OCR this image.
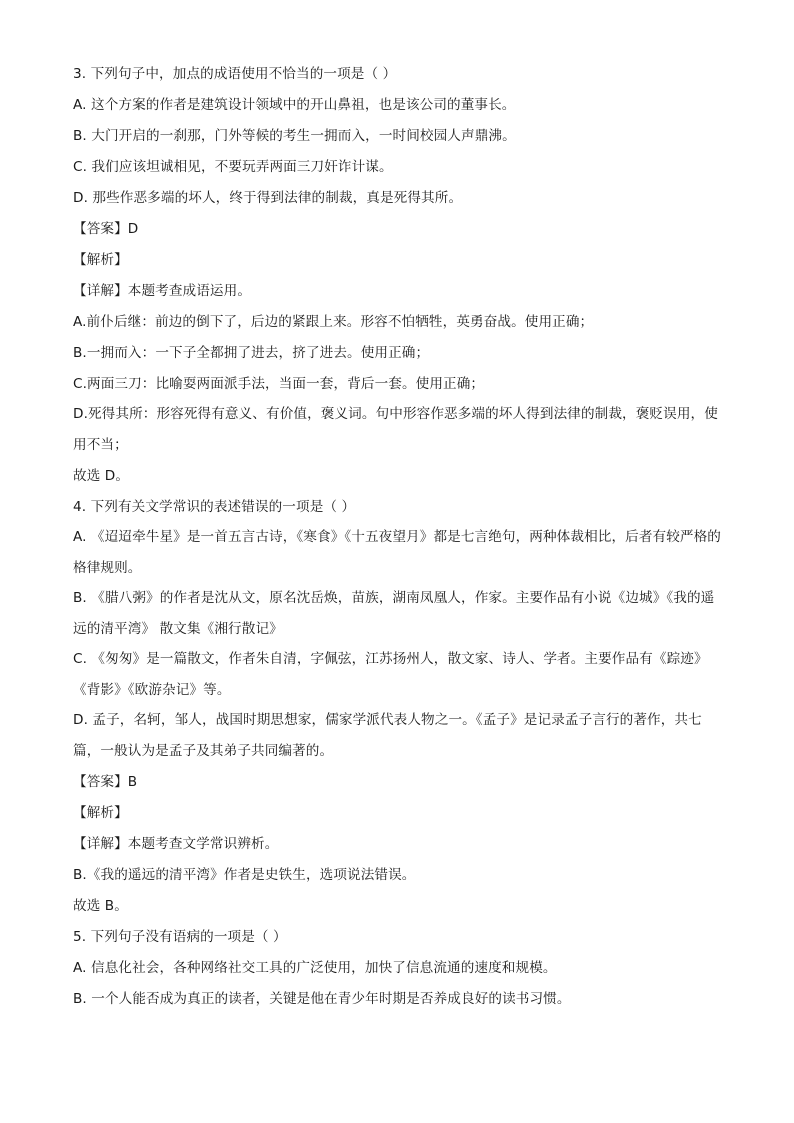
3. 下列句子中，加点的成语使用不恰当的一项是（ ）
A. 这个方案的作者是建筑设计领域中的开山鼻祖，也是该公司的董事长。
B. 大门开启的一刹那，门外等候的考生一拥而入，一时间校园人声鼎沸。
C. 我们应该坦诚相见，不要玩弄两面三刀奸诈计谋。
D. 那些作恶多端的坏人，终于得到法律的制裁，真是死得其所。
【答案】D
【解析】
【详解】本题考查成语运用。
A.前仆后继：前边的倒下了，后边的紧跟上来。形容不怕牺牲，英勇奋战。使用正确；
B.一拥而入：一下子全都拥了进去，挤了进去。使用正确；
C.两面三刀：比喻耍两面派手法，当面一套，背后一套。使用正确；
D.死得其所：形容死得有意义、有价值，褒义词。句中形容作恶多端的坏人得到法律的制裁，褒贬误用，使用不当；
故选 D。
4. 下列有关文学常识的表述错误的一项是（ ）
A. 《迢迢牵牛星》是一首五言古诗，《寒食》《十五夜望月》都是七言绝句，两种体裁相比，后者有较严格的格律规则。
B. 《腊八粥》的作者是沈从文，原名沈岳焕，苗族，湖南凤凰人，作家。主要作品有小说《边城》《我的遥远的清平湾》 散文集《湘行散记》
C. 《匆匆》是一篇散文，作者朱自清，字佩弦，江苏扬州人，散文家、诗人、学者。主要作品有《踪迹》《背影》《欧游杂记》等。
D. 孟子，名轲，邹人，战国时期思想家，儒家学派代表人物之一。《孟子》是记录孟子言行的著作，共七篇，一般认为是孟子及其弟子共同编著的。
【答案】B
【解析】
【详解】本题考查文学常识辨析。
B.《我的遥远的清平湾》作者是史铁生，选项说法错误。
故选 B。
5. 下列句子没有语病的一项是（ ）
A. 信息化社会，各种网络社交工具的广泛使用，加快了信息流通的速度和规模。
B. 一个人能否成为真正的读者，关键是他在青少年时期是否养成良好的读书习惯。
